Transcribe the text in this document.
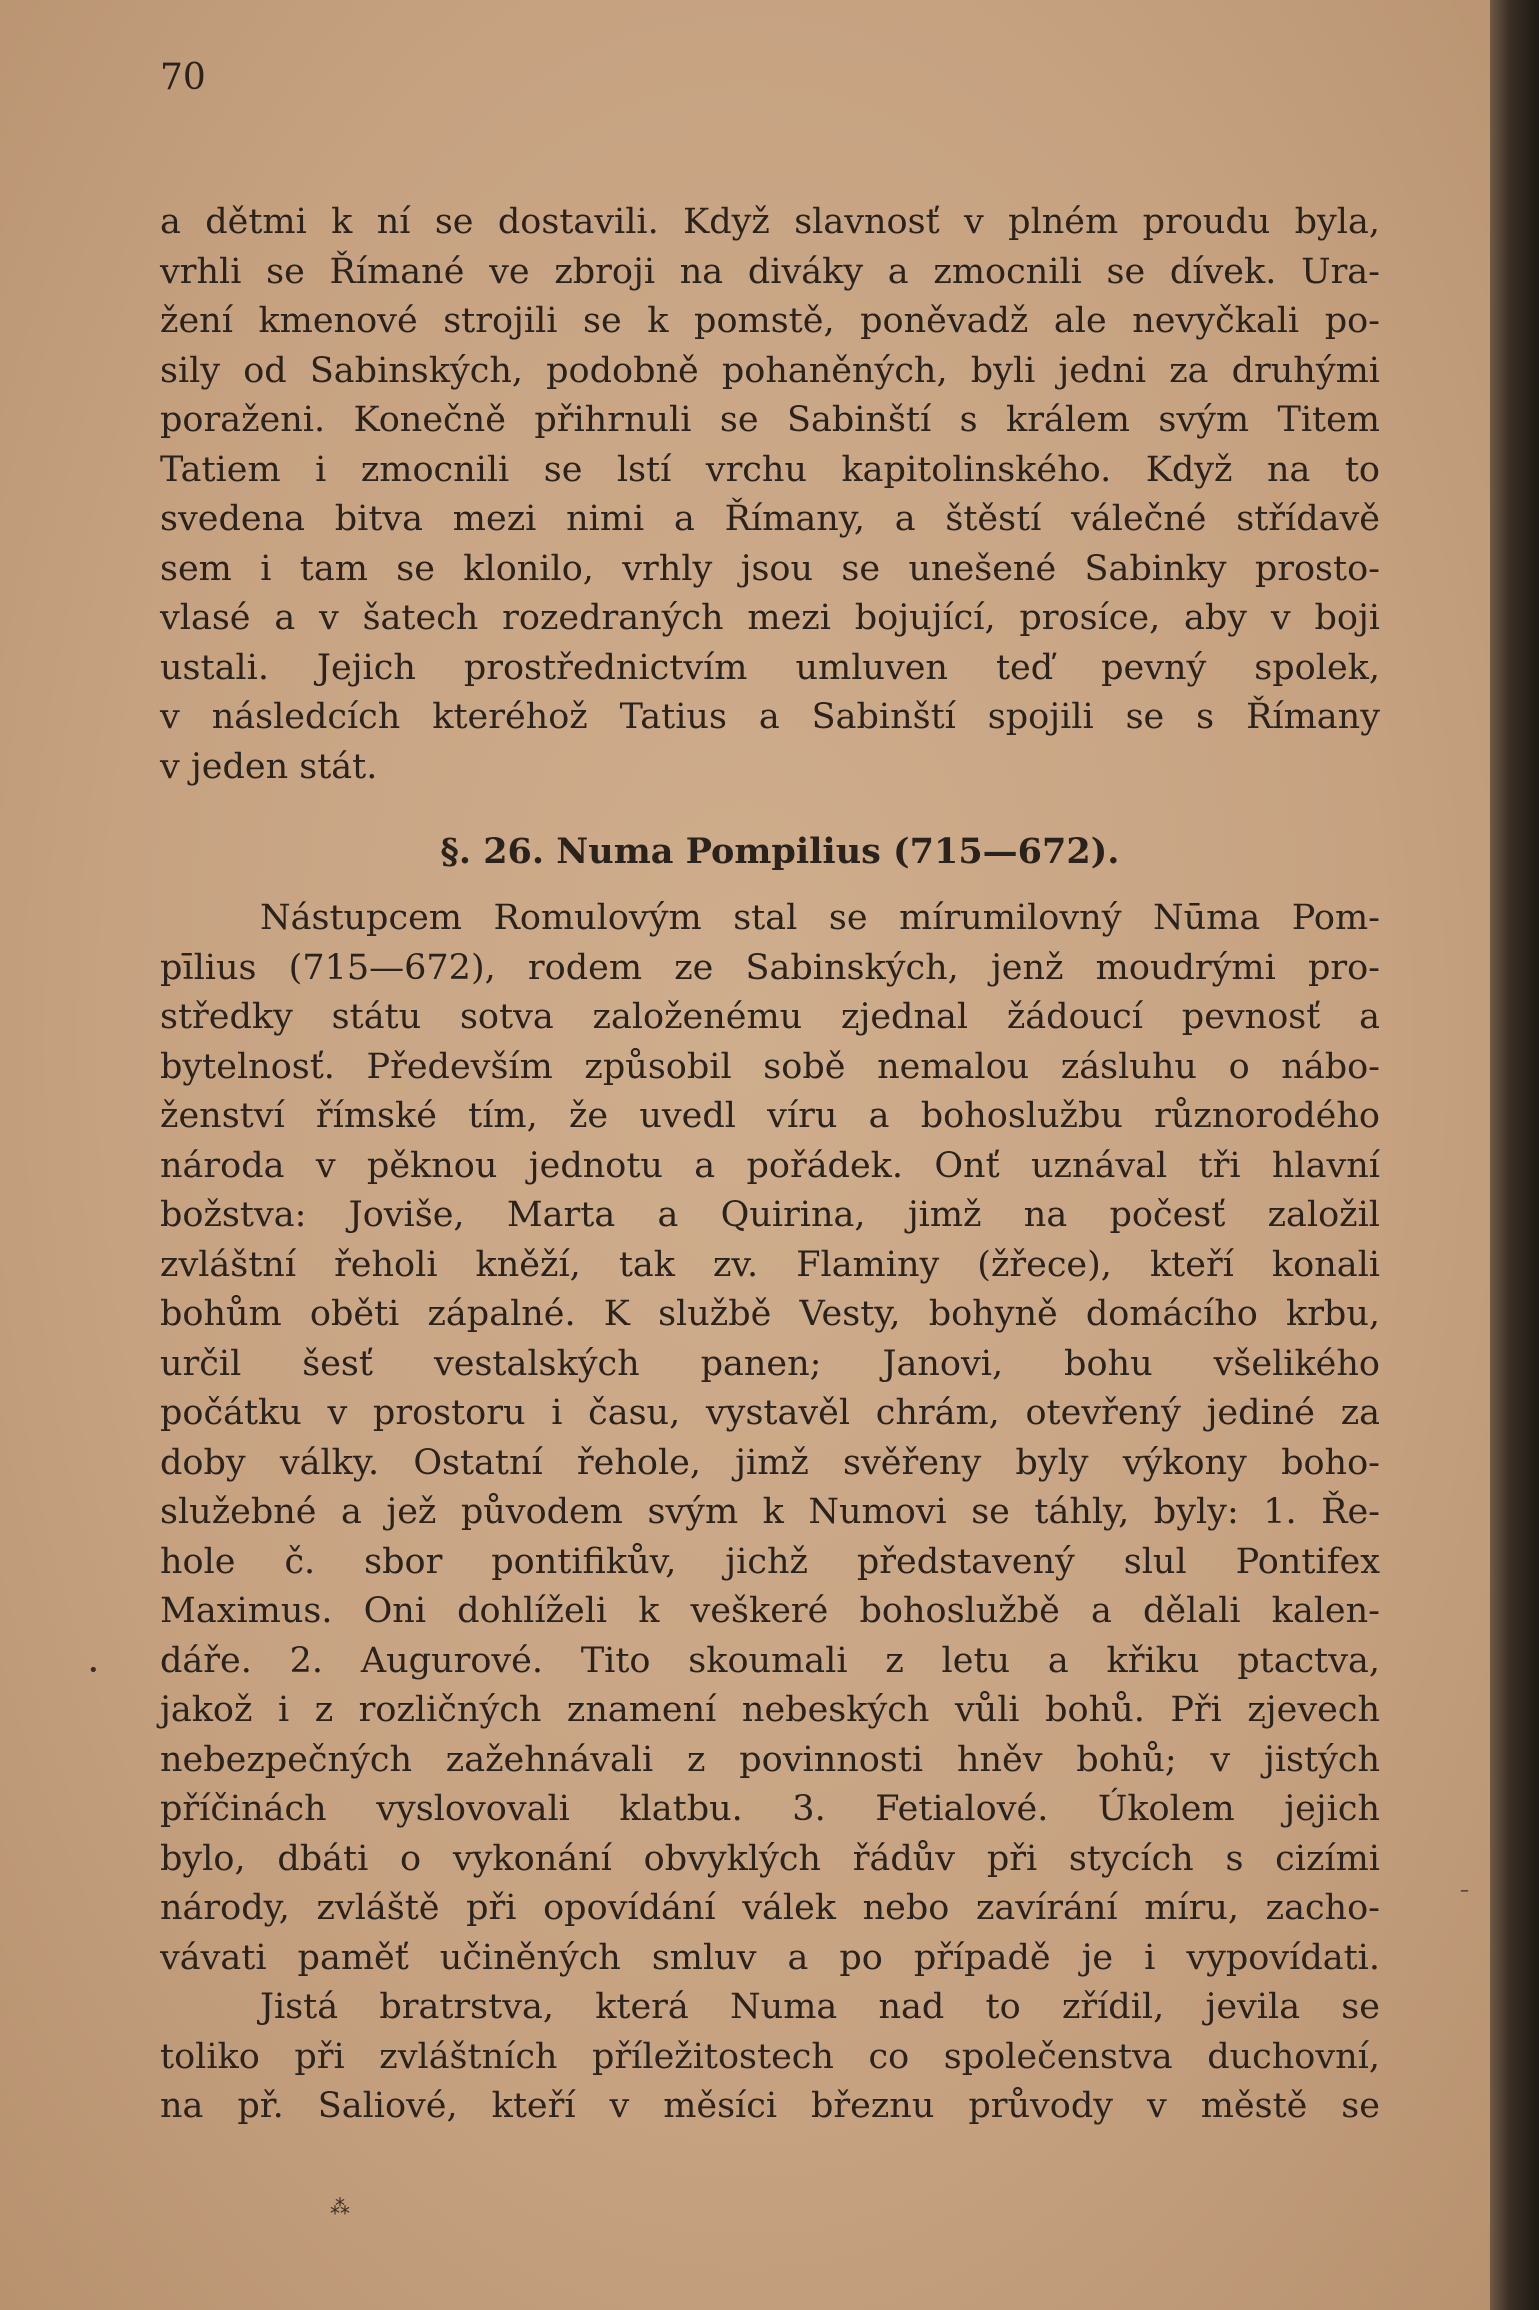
70

a dětmi k ní se dostavili. Když slavnosť v plném proudu byla,
vrhli se Římané ve zbroji na diváky a zmocnili se dívek. Ura-
žení kmenové strojili se k pomstě, poněvadž ale nevyčkali po-
sily od Sabinských, podobně pohaněných, byli jedni za druhými
poraženi. Konečně přihrnuli se Sabinští s králem svým Titem
Tatiem i zmocnili se lstí vrchu kapitolinského. Když na to
svedena bitva mezi nimi a Římany, a štěstí válečné střídavě
sem i tam se klonilo, vrhly jsou se unešené Sabinky prosto-
vlasé a v šatech rozedraných mezi bojující, prosíce, aby v boji
ustali. Jejich prostřednictvím umluven teď pevný spolek,
v následcích kteréhož Tatius a Sabinští spojili se s Římany
v jeden stát.

§. 26. Numa Pompilius (715—672).

Nástupcem Romulovým stal se mírumilovný Nūma Pom-
pīlius (715—672), rodem ze Sabinských, jenž moudrými pro-
středky státu sotva založenému zjednal žádoucí pevnosť a
bytelnosť. Především způsobil sobě nemalou zásluhu o nábo-
ženství římské tím, že uvedl víru a bohoslužbu různorodého
národa v pěknou jednotu a pořádek. Onť uznával tři hlavní
božstva: Joviše, Marta a Quirina, jimž na počesť založil
zvláštní řeholi kněží, tak zv. Flaminy (žřece), kteří konali
bohům oběti zápalné. K službě Vesty, bohyně domácího krbu,
určil šesť vestalských panen; Janovi, bohu všelikého
počátku v prostoru i času, vystavěl chrám, otevřený jediné za
doby války. Ostatní řehole, jimž svěřeny byly výkony boho-
služebné a jež původem svým k Numovi se táhly, byly: 1. Ře-
hole č. sbor pontifikův, jichž představený slul Pontifex
Maximus. Oni dohlíželi k veškeré bohoslužbě a dělali kalen-
dáře. 2. Augurové. Tito skoumali z letu a křiku ptactva,
jakož i z rozličných znamení nebeských vůli bohů. Při zjevech
nebezpečných zažehnávali z povinnosti hněv bohů; v jistých
příčinách vyslovovali klatbu. 3. Fetialové. Úkolem jejich
bylo, dbáti o vykonání obvyklých řádův při stycích s cizími
národy, zvláště při opovídání válek nebo zavírání míru, zacho-
vávati paměť učiněných smluv a po případě je i vypovídati.

Jistá bratrstva, která Numa nad to zřídil, jevila se
toliko při zvláštních příležitostech co společenstva duchovní,
na př. Saliové, kteří v měsíci březnu průvody v městě se

•
–
⁂
